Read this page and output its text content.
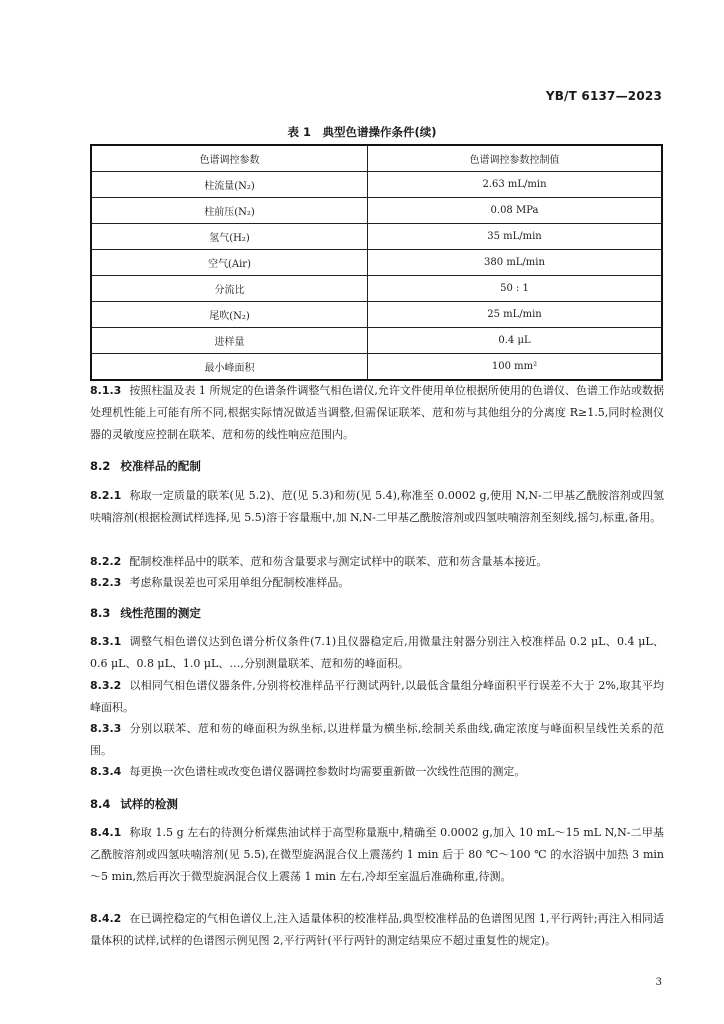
YB/T 6137—2023
表 1　典型色谱操作条件(续)
色谱调控参数	色谱调控参数控制值
柱流量(N₂)	2.63 mL/min
柱前压(N₂)	0.08 MPa
氢气(H₂)	35 mL/min
空气(Air)	380 mL/min
分流比	50 : 1
尾吹(N₂)	25 mL/min
进样量	0.4 μL
最小峰面积	100 mm²
8.1.3 按照柱温及表 1 所规定的色谱条件调整气相色谱仪,允许文件使用单位根据所使用的色谱仪、色谱工作站或数据处理机性能上可能有所不同,根据实际情况做适当调整,但需保证联苯、苊和芴与其他组分的分离度 R≥1.5,同时检测仪器的灵敏度应控制在联苯、苊和芴的线性响应范围内。
8.2 校准样品的配制
8.2.1 称取一定质量的联苯(见 5.2)、苊(见 5.3)和芴(见 5.4),称准至 0.0002 g,使用 N,N-二甲基乙酰胺溶剂或四氢呋喃溶剂(根据检测试样选择,见 5.5)溶于容量瓶中,加 N,N-二甲基乙酰胺溶剂或四氢呋喃溶剂至刻线,摇匀,标重,备用。
8.2.2 配制校准样品中的联苯、苊和芴含量要求与测定试样中的联苯、苊和芴含量基本接近。
8.2.3 考虑称量误差也可采用单组分配制校准样品。
8.3 线性范围的测定
8.3.1 调整气相色谱仪达到色谱分析仪条件(7.1)且仪器稳定后,用微量注射器分别注入校准样品 0.2 μL、0.4 μL、0.6 μL、0.8 μL、1.0 μL、…,分别测量联苯、苊和芴的峰面积。
8.3.2 以相同气相色谱仪器条件,分别将校准样品平行测试两针,以最低含量组分峰面积平行误差不大于 2%,取其平均峰面积。
8.3.3 分别以联苯、苊和芴的峰面积为纵坐标,以进样量为横坐标,绘制关系曲线,确定浓度与峰面积呈线性关系的范围。
8.3.4 每更换一次色谱柱或改变色谱仪器调控参数时均需要重新做一次线性范围的测定。
8.4 试样的检测
8.4.1 称取 1.5 g 左右的待测分析煤焦油试样于高型称量瓶中,精确至 0.0002 g,加入 10 mL～15 mL N,N-二甲基乙酰胺溶剂或四氢呋喃溶剂(见 5.5),在微型旋涡混合仪上震荡约 1 min 后于 80 ℃～100 ℃ 的水浴锅中加热 3 min～5 min,然后再次于微型旋涡混合仪上震荡 1 min 左右,冷却至室温后准确称重,待测。
8.4.2 在已调控稳定的气相色谱仪上,注入适量体积的校准样品,典型校准样品的色谱图见图 1,平行两针;再注入相同适量体积的试样,试样的色谱图示例见图 2,平行两针(平行两针的测定结果应不超过重复性的规定)。
3
